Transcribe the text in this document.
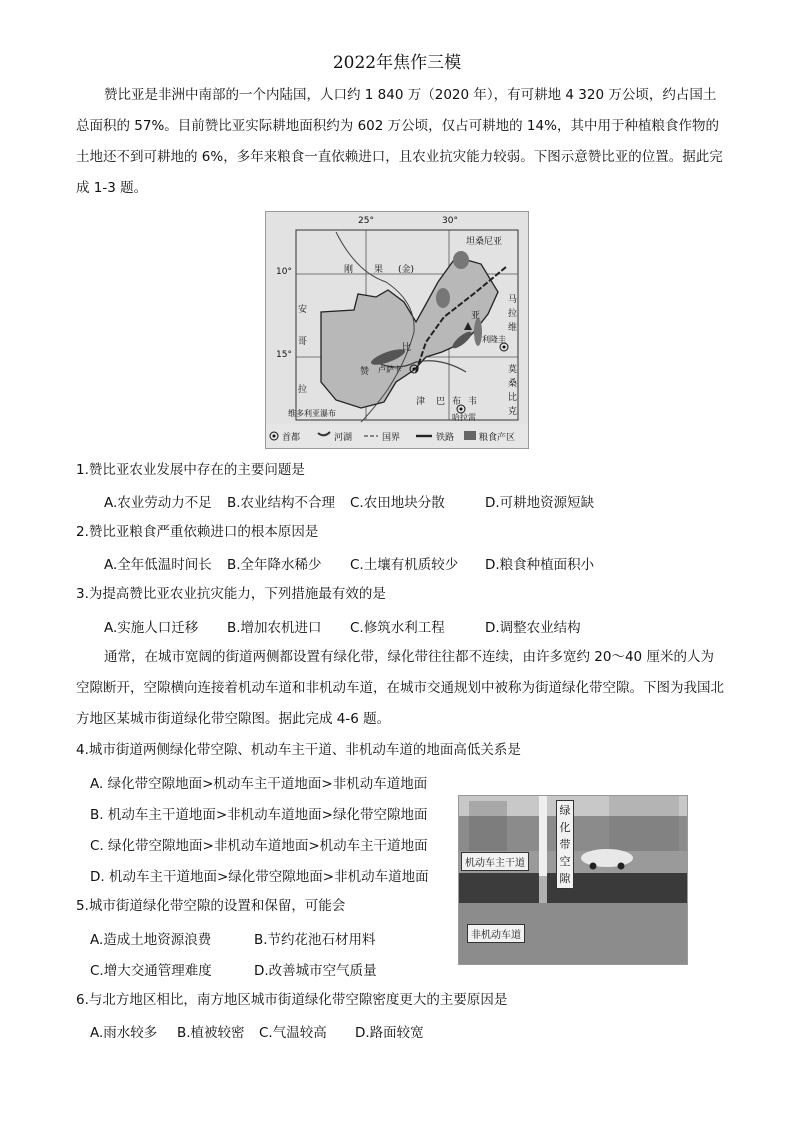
2022年焦作三模

赞比亚是非洲中南部的一个内陆国，人口约 1 840 万（2020 年），有可耕地 4 320 万公顷，约占国土总面积的 57%。目前赞比亚实际耕地面积约为 602 万公顷，仅占可耕地的 14%，其中用于种植粮食作物的土地还不到可耕地的 6%，多年来粮食一直依赖进口，且农业抗灾能力较弱。下图示意赞比亚的位置。据此完成 1-3 题。

25°	30°
10°
15°
坦桑尼亚
刚 果 (金)
安
哥
拉
赞
比
亚
马
拉
维
利隆圭
卢萨卡
津 巴 布 韦
哈拉雷
莫
桑
比
克
维多利亚瀑布
首都	河湖	国界	铁路	粮食产区
1.赞比亚农业发展中存在的主要问题是
A.农业劳动力不足 B.农业结构不合理 C.农田地块分散	D.可耕地资源短缺
2.赞比亚粮食严重依赖进口的根本原因是
A.全年低温时间长 B.全年降水稀少 C.土壤有机质较少 D.粮食种植面积小
3.为提高赞比亚农业抗灾能力，下列措施最有效的是
A.实施人口迁移 B.增加农机进口 C.修筑水利工程	D.调整农业结构

通常，在城市宽阔的街道两侧都设置有绿化带，绿化带往往都不连续，由许多宽约 20～40 厘米的人为空隙断开，空隙横向连接着机动车道和非机动车道，在城市交通规划中被称为街道绿化带空隙。下图为我国北方地区某城市街道绿化带空隙图。据此完成 4-6 题。

4.城市街道两侧绿化带空隙、机动车主干道、非机动车道的地面高低关系是
A. 绿化带空隙地面>机动车主干道地面>非机动车道地面
B. 机动车主干道地面>非机动车道地面>绿化带空隙地面
C. 绿化带空隙地面>非机动车道地面>机动车主干道地面
D. 机动车主干道地面>绿化带空隙地面>非机动车道地面
5.城市街道绿化带空隙的设置和保留，可能会
A.造成土地资源浪费	B.节约花池石材用料
C.增大交通管理难度	D.改善城市空气质量
6.与北方地区相比，南方地区城市街道绿化带空隙密度更大的主要原因是
A.雨水较多 B.植被较密 C.气温较高 D.路面较宽
机动车主干道
绿化带空隙
非机动车道
